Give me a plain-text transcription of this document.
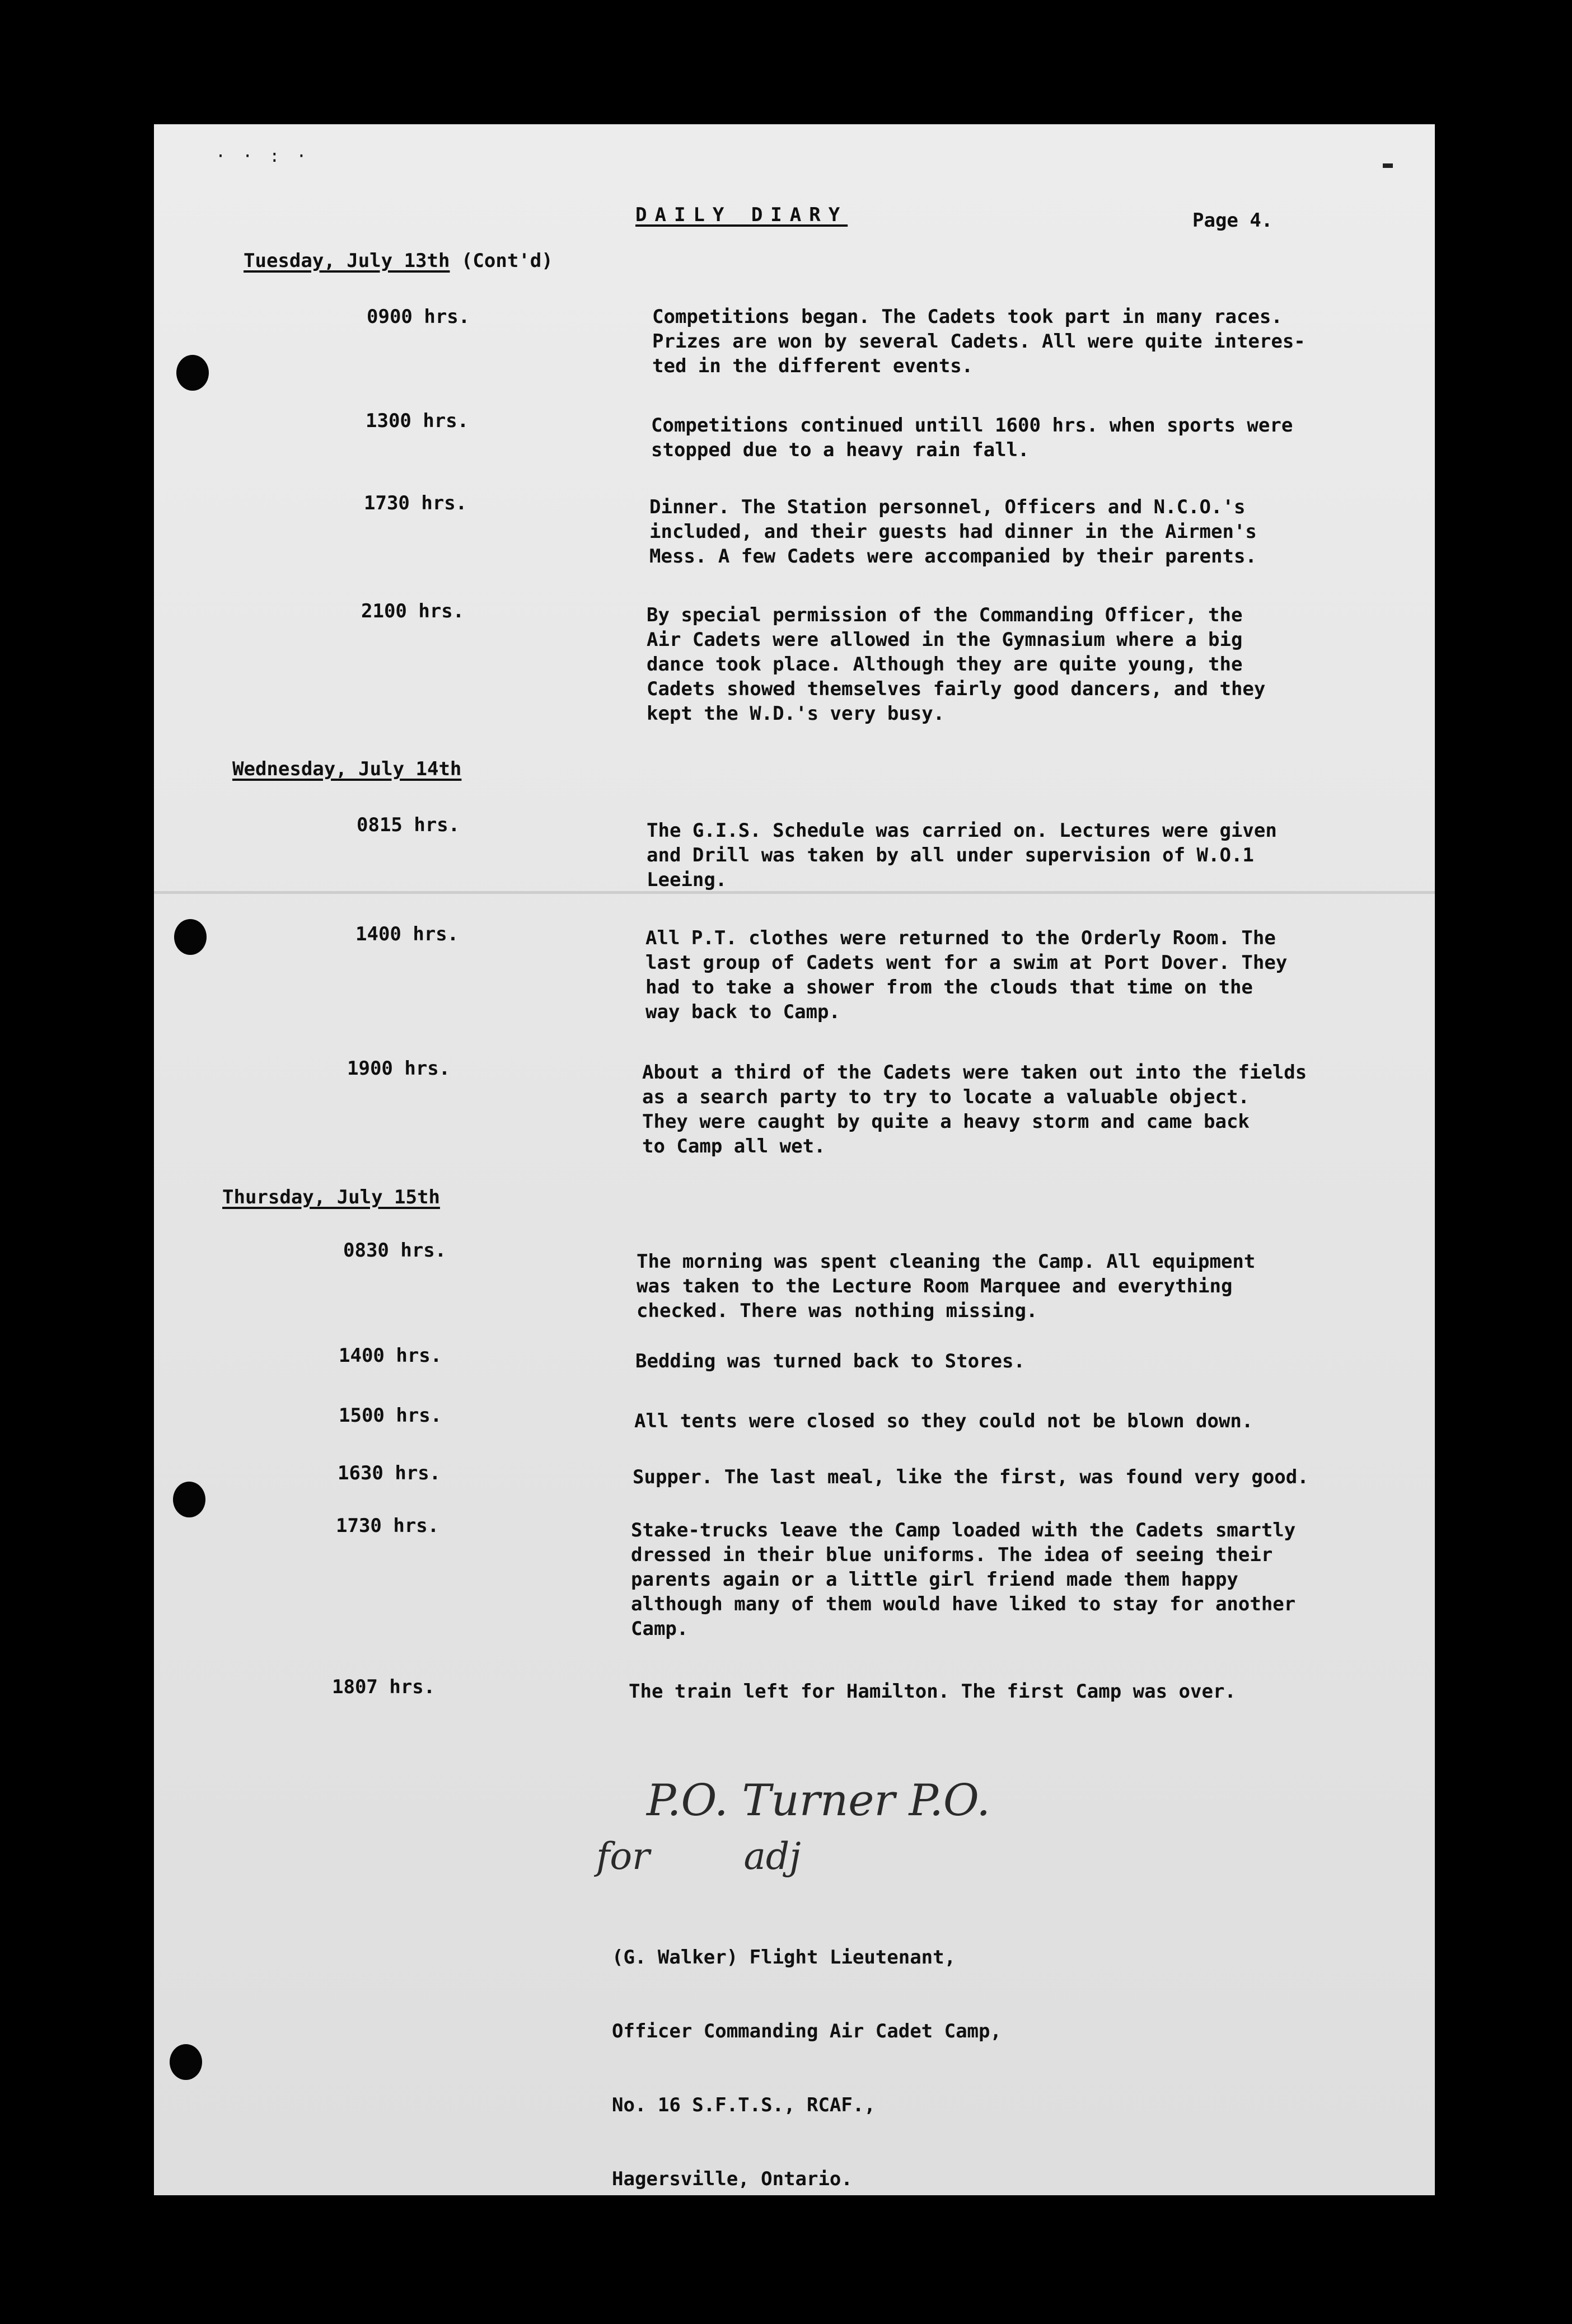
· · : ·

DAILY DIARY	Page 4.

Tuesday, July 13th (Cont'd)

0900 hrs.	Competitions began. The Cadets took part in many races.
Prizes are won by several Cadets. All were quite interes-
ted in the different events.

1300 hrs.	Competitions continued untill 1600 hrs. when sports were
stopped due to a heavy rain fall.

1730 hrs.	Dinner. The Station personnel, Officers and N.C.O.'s
included, and their guests had dinner in the Airmen's
Mess. A few Cadets were accompanied by their parents.

2100 hrs.	By special permission of the Commanding Officer, the
Air Cadets were allowed in the Gymnasium where a big
dance took place. Although they are quite young, the
Cadets showed themselves fairly good dancers, and they
kept the W.D.'s very busy.

Wednesday, July 14th

0815 hrs.	The G.I.S. Schedule was carried on. Lectures were given
and Drill was taken by all under supervision of W.O.1
Leeing.

1400 hrs.	All P.T. clothes were returned to the Orderly Room. The
last group of Cadets went for a swim at Port Dover. They
had to take a shower from the clouds that time on the
way back to Camp.

1900 hrs.	About a third of the Cadets were taken out into the fields
as a search party to try to locate a valuable object.
They were caught by quite a heavy storm and came back
to Camp all wet.

Thursday, July 15th

0830 hrs.	The morning was spent cleaning the Camp. All equipment
was taken to the Lecture Room Marquee and everything
checked. There was nothing missing.

1400 hrs.	Bedding was turned back to Stores.

1500 hrs.	All tents were closed so they could not be blown down.

1630 hrs.	Supper. The last meal, like the first, was found very good.

1730 hrs.	Stake-trucks leave the Camp loaded with the Cadets smartly
dressed in their blue uniforms. The idea of seeing their
parents again or a little girl friend made them happy
although many of them would have liked to stay for another
Camp.

1807 hrs.	The train left for Hamilton. The first Camp was over.
P.O. Turner P.O.
for        adj

(G. Walker) Flight Lieutenant,

Officer Commanding Air Cadet Camp,

No. 16 S.F.T.S., RCAF.,

Hagersville, Ontario.
